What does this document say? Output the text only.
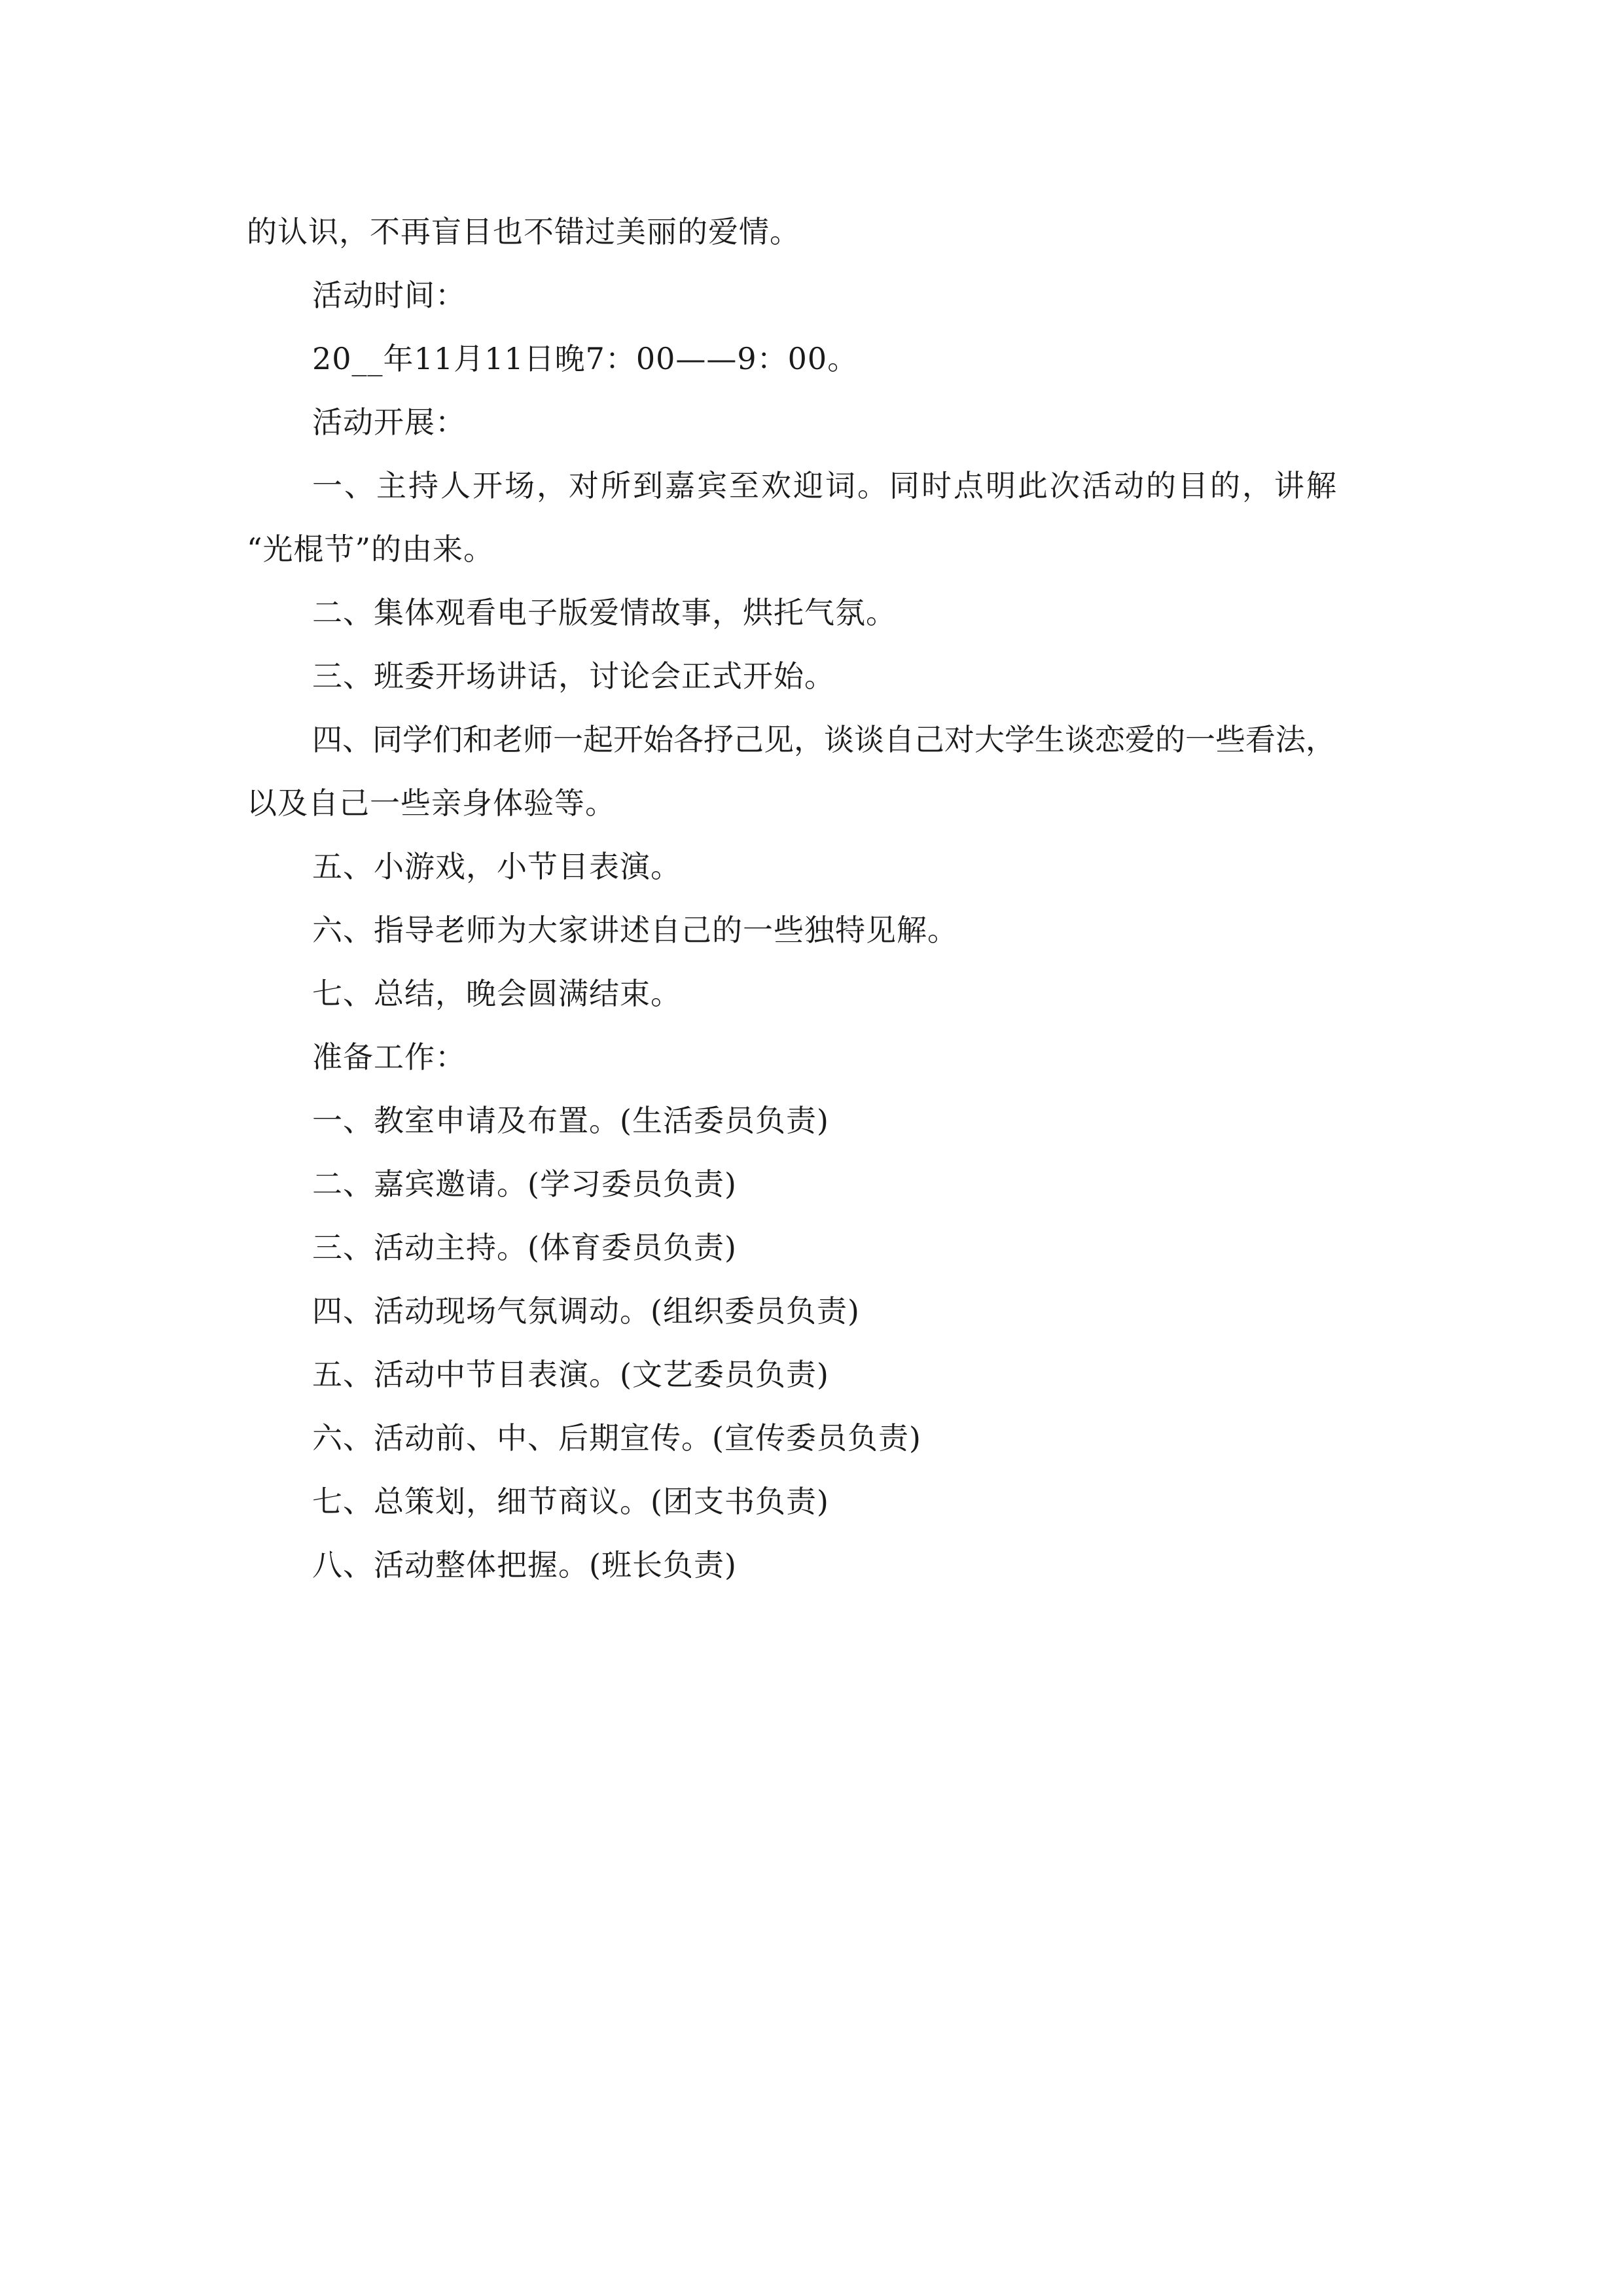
的认识，不再盲目也不错过美丽的爱情。
活动时间：
20__年11月11日晚7：00——9：00。
活动开展：
一、主持人开场，对所到嘉宾至欢迎词。同时点明此次活动的目的，讲解
“光棍节”的由来。
二、集体观看电子版爱情故事，烘托气氛。
三、班委开场讲话，讨论会正式开始。
四、同学们和老师一起开始各抒己见，谈谈自己对大学生谈恋爱的一些看法，
以及自己一些亲身体验等。
五、小游戏，小节目表演。
六、指导老师为大家讲述自己的一些独特见解。
七、总结，晚会圆满结束。
准备工作：
一、教室申请及布置。(生活委员负责)
二、嘉宾邀请。(学习委员负责)
三、活动主持。(体育委员负责)
四、活动现场气氛调动。(组织委员负责)
五、活动中节目表演。(文艺委员负责)
六、活动前、中、后期宣传。(宣传委员负责)
七、总策划，细节商议。(团支书负责)
八、活动整体把握。(班长负责)
